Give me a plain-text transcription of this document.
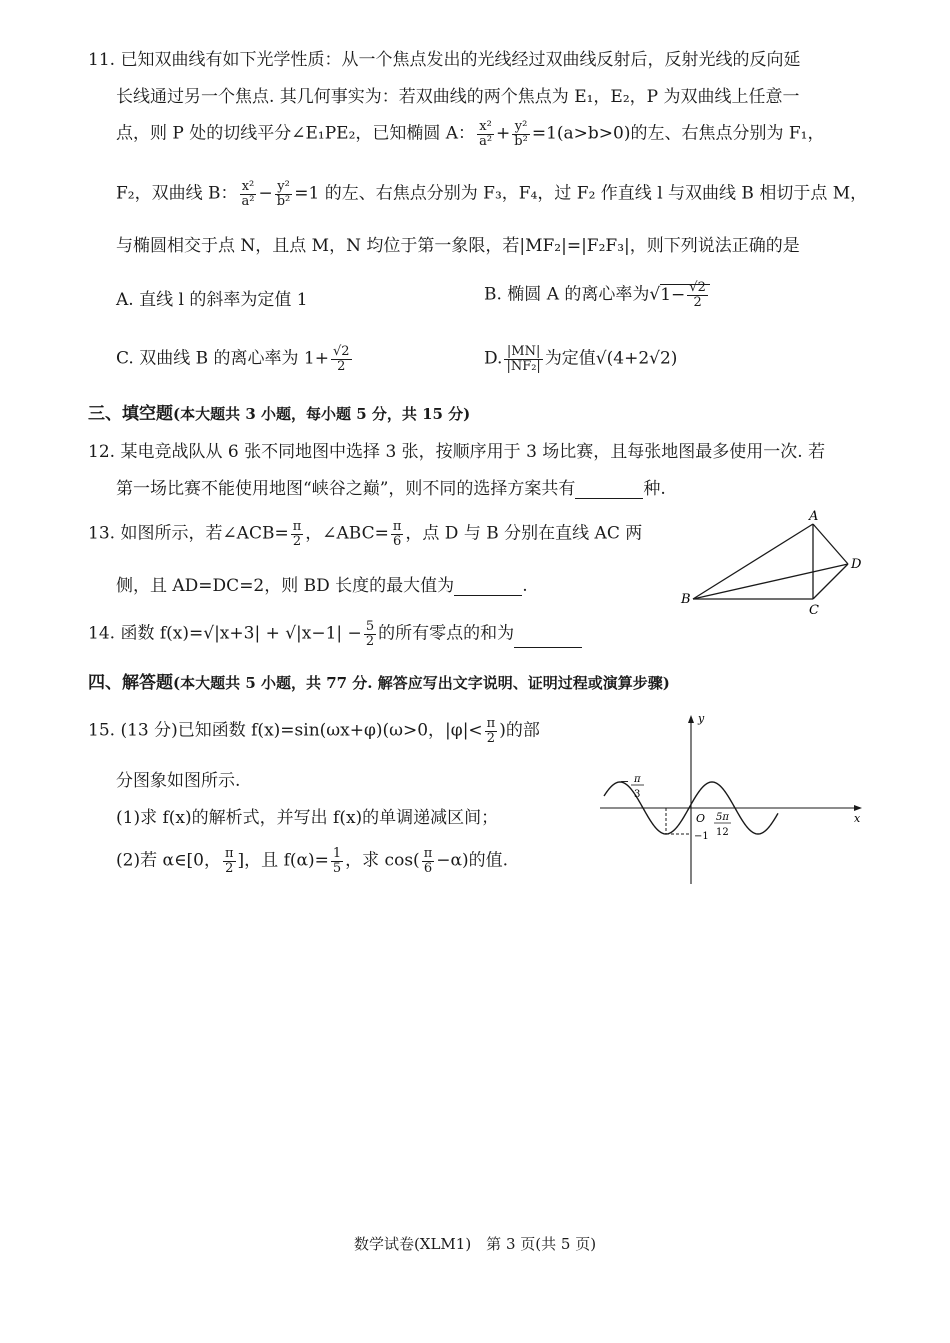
11. 已知双曲线有如下光学性质：从一个焦点发出的光线经过双曲线反射后，反射光线的反向延
长线通过另一个焦点. 其几何事实为：若双曲线的两个焦点为 E₁，E₂，P 为双曲线上任意一
点，则 P 处的切线平分∠E₁PE₂，已知椭圆 A： $\frac{\text{x²}}{\text{a²}} + \frac{\text{y²}}{\text{b²}} =1(a>b>0)$的左、右焦点分别为 F₁，
F₂，双曲线 B： $\frac{\text{x²}}{\text{a²}} - \frac{\text{y²}}{\text{b²}} =1$ 的左、右焦点分别为 F₃，F₄，过 F₂ 作直线 l 与双曲线 B 相切于点 M，
与椭圆相交于点 N，且点 M，N 均位于第一象限，若|MF₂|=|F₂F₃|，则下列说法正确的是
A. 直线 l 的斜率为定值 1	B. 椭圆 A 的离心率为$√1- \frac{√2}{2}$
C. 双曲线 B 的离心率为 $1+ \frac{√2}{2}$	D. $\frac{|MN|}{\text{|NF₂|}}$ 为定值√(4+2√2)
三、填空题(本大题共 3 小题，每小题 5 分，共 15 分)
12. 某电竞战队从 6 张不同地图中选择 3 张，按顺序用于 3 场比赛，且每张地图最多使用一次. 若
第一场比赛不能使用地图“峡谷之巅”，则不同的选择方案共有	种.
13. 如图所示，若∠ACB= $\frac{\pi}{2}$ ，∠ABC= $\frac{\pi}{6}$ ，点 D 与 B 分别在直线 AC 两
侧，且 AD=DC=2，则 BD 长度的最大值为	.
A
B
C
D
14. 函数 $f(x)=√|x+3| + √|x-1| - \frac{5}{2}$ 的所有零点的和为
四、解答题(本大题共 5 小题，共 77 分. 解答应写出文字说明、证明过程或演算步骤)
15. (13 分)已知函数 f(x)=sin(ωx+φ)(ω>0，$|\varphi|< \frac{\pi}{2}$ )的部
分图象如图所示.
(1)求 f(x)的解析式，并写出 f(x)的单调递减区间；
(2)若 α∈[0， $\frac{\pi}{2}$ ]，且 $f(\alpha)= \frac{1}{5}$ ，求 $\cos( \frac{\pi}{6} -\alpha)$的值.
y
x
O
− π
3
5π
12
−1
数学试卷(XLM1)　第 3 页(共 5 页)
